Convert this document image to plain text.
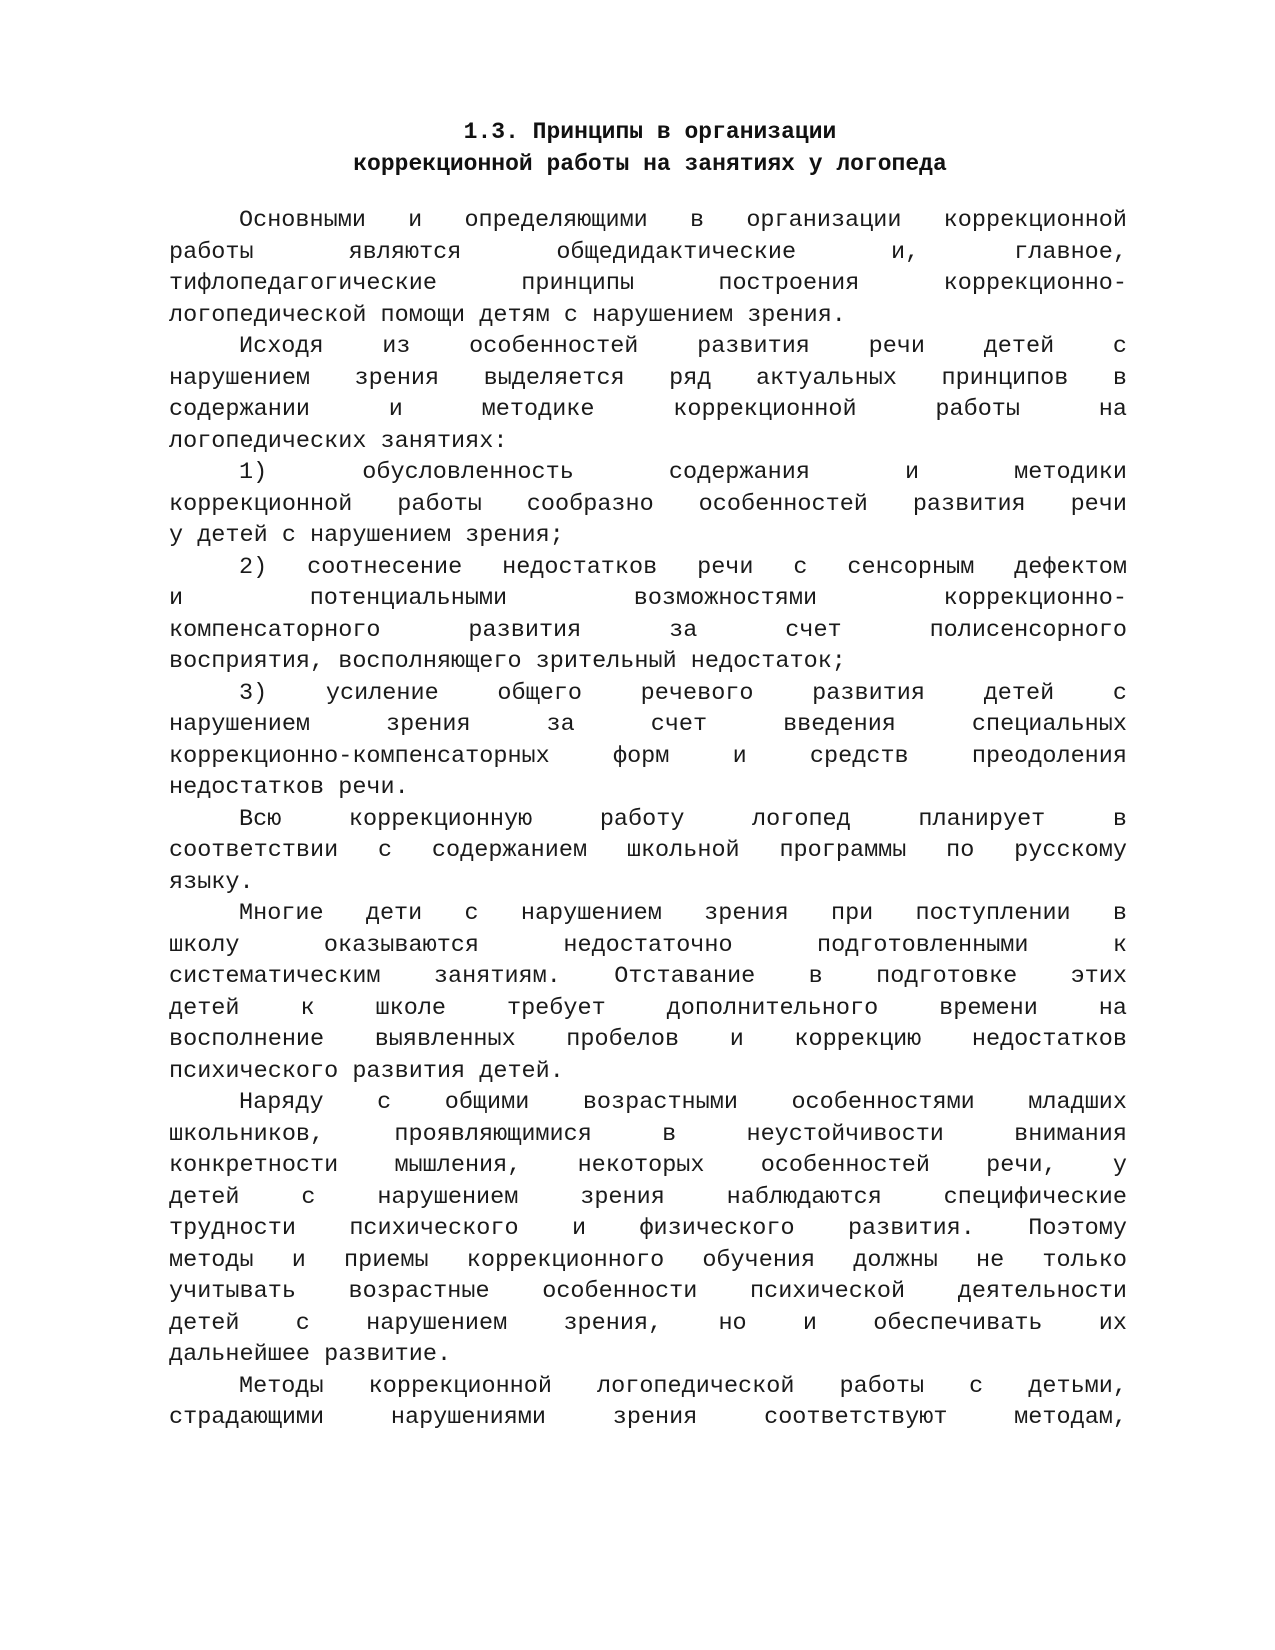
1.3. Принципы в организации
коррекционной работы на занятиях у логопеда
Основными и определяющими в организации коррекционной
работы являются общедидактические и, главное,
тифлопедагогические принципы построения коррекционно-
логопедической помощи детям с нарушением зрения.
Исходя из особенностей развития речи детей с
нарушением зрения выделяется ряд актуальных принципов в
содержании и методике коррекционной работы на
логопедических занятиях:
1) обусловленность содержания и методики
коррекционной работы сообразно особенностей развития речи
у детей с нарушением зрения;
2) соотнесение недостатков речи с сенсорным дефектом
и потенциальными возможностями коррекционно-
компенсаторного развития за счет полисенсорного
восприятия, восполняющего зрительный недостаток;
3) усиление общего речевого развития детей с
нарушением зрения за счет введения специальных
коррекционно-компенсаторных форм и средств преодоления
недостатков речи.
Всю коррекционную работу логопед планирует в
соответствии с содержанием школьной программы по русскому
языку.
Многие дети с нарушением зрения при поступлении в
школу оказываются недостаточно подготовленными к
систематическим занятиям. Отставание в подготовке этих
детей к школе требует дополнительного времени на
восполнение выявленных пробелов и коррекцию недостатков
психического развития детей.
Наряду с общими возрастными особенностями младших
школьников, проявляющимися в неустойчивости внимания
конкретности мышления, некоторых особенностей речи, у
детей с нарушением зрения наблюдаются специфические
трудности психического и физического развития. Поэтому
методы и приемы коррекционного обучения должны не только
учитывать возрастные особенности психической деятельности
детей с нарушением зрения, но и обеспечивать их
дальнейшее развитие.
Методы коррекционной логопедической работы с детьми,
страдающими нарушениями зрения соответствуют методам,
